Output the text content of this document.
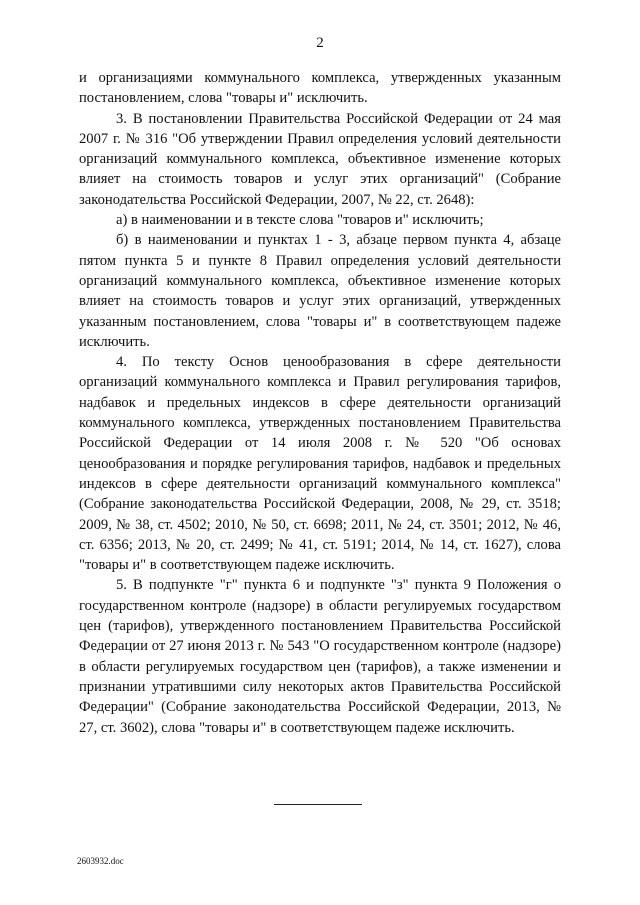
2

и организациями коммунального комплекса, утвержденных указанным постановлением, слова "товары и" исключить.

3. В постановлении Правительства Российской Федерации от 24 мая 2007 г. № 316 "Об утверждении Правил определения условий деятельности организаций коммунального комплекса, объективное изменение которых влияет на стоимость товаров и услуг этих организаций" (Собрание законодательства Российской Федерации, 2007, № 22, ст. 2648):

а) в наименовании и в тексте слова "товаров и" исключить;

б) в наименовании и пунктах 1 - 3, абзаце первом пункта 4, абзаце пятом пункта 5 и пункте 8 Правил определения условий деятельности организаций коммунального комплекса, объективное изменение которых влияет на стоимость товаров и услуг этих организаций, утвержденных указанным постановлением, слова "товары и" в соответствующем падеже исключить.

4. По тексту Основ ценообразования в сфере деятельности организаций коммунального комплекса и Правил регулирования тарифов, надбавок и предельных индексов в сфере деятельности организаций коммунального комплекса, утвержденных постановлением Правительства Российской Федерации от 14 июля 2008 г. № 520 "Об основах ценообразования и порядке регулирования тарифов, надбавок и предельных индексов в сфере деятельности организаций коммунального комплекса" (Собрание законодательства Российской Федерации, 2008, № 29, ст. 3518; 2009, № 38, ст. 4502; 2010, № 50, ст. 6698; 2011, № 24, ст. 3501; 2012, № 46, ст. 6356; 2013, № 20, ст. 2499; № 41, ст. 5191; 2014, № 14, ст. 1627), слова "товары и" в соответствующем падеже исключить.

5. В подпункте "г" пункта 6 и подпункте "з" пункта 9 Положения о государственном контроле (надзоре) в области регулируемых государством цен (тарифов), утвержденного постановлением Правительства Российской Федерации от 27 июня 2013 г. № 543 "О государственном контроле (надзоре) в области регулируемых государством цен (тарифов), а также изменении и признании утратившими силу некоторых актов Правительства Российской Федерации" (Собрание законодательства Российской Федерации, 2013, № 27, ст. 3602), слова "товары и" в соответствующем падеже исключить.

2603932.doc
